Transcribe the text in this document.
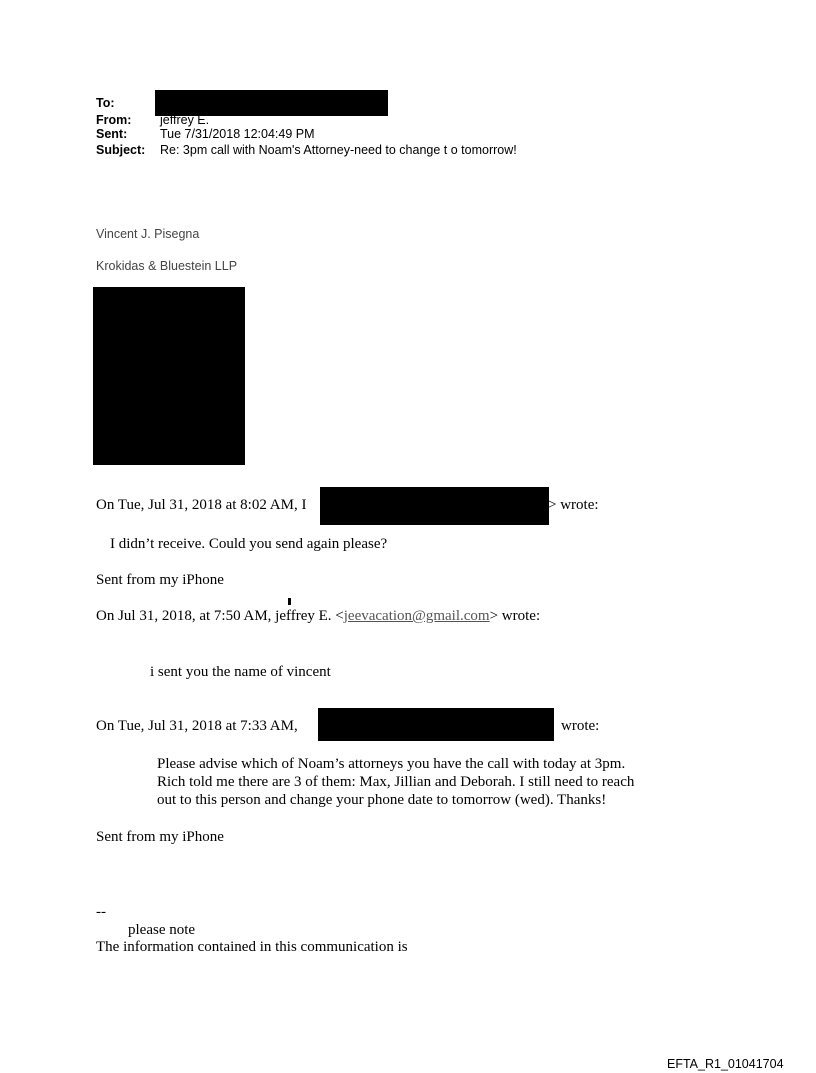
To:
From: jeffrey E.
Sent:	Tue 7/31/2018 12:04:49 PM
Subject: Re: 3pm call with Noam's Attorney-need to change t o tomorrow!
Vincent J. Pisegna
Krokidas & Bluestein LLP
On Tue, Jul 31, 2018 at 8:02 AM, I	> wrote:
I didn’t receive. Could you send again please?
Sent from my iPhone
On Jul 31, 2018, at 7:50 AM, jeffrey E. <jeevacation@gmail.com> wrote:
i sent you the name of vincent
On Tue, Jul 31, 2018 at 7:33 AM,	wrote:
Please advise which of Noam’s attorneys you have the call with today at 3pm.
Rich told me there are 3 of them: Max, Jillian and Deborah. I still need to reach
out to this person and change your phone date to tomorrow (wed). Thanks!
Sent from my iPhone
--
please note
The information contained in this communication is
EFTA_R1_01041704
